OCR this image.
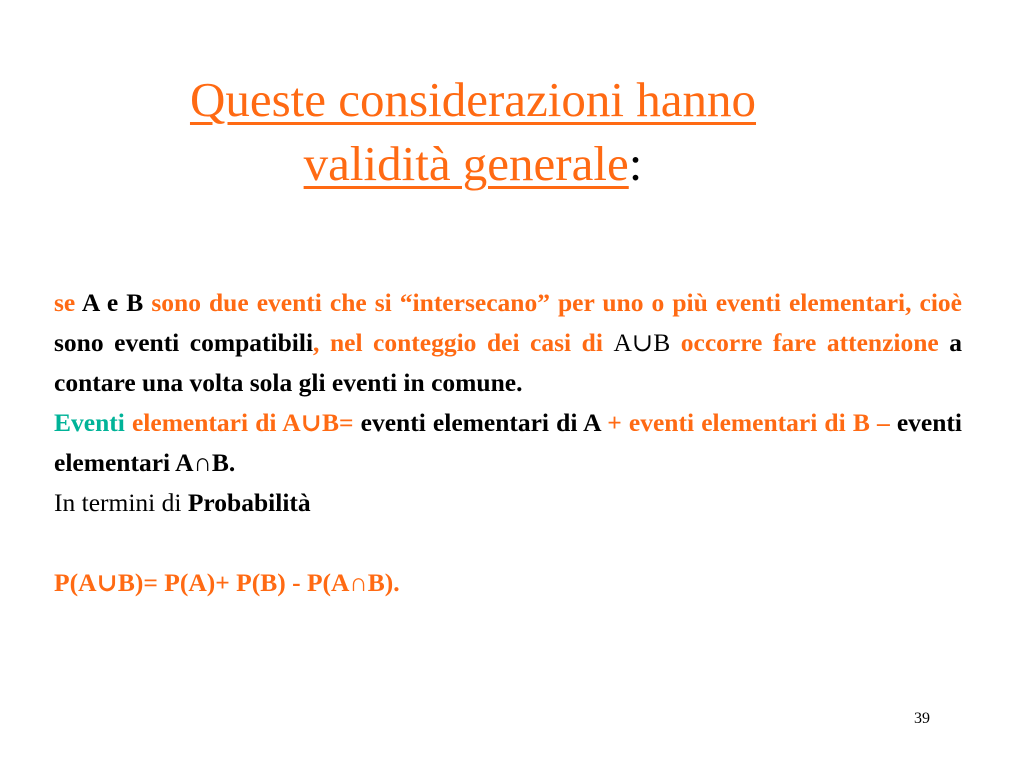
Queste considerazioni hanno
validità generale:

se A e B sono due eventi che si “intersecano” per uno o più eventi elementari, cioè sono eventi compatibili, nel conteggio dei casi di A∪B occorre fare attenzione a contare una volta sola gli eventi in comune.

Eventi elementari di A∪B= eventi elementari di A + eventi elementari di B – eventi elementari A∩B.

In termini di Probabilità

P(A∪B)= P(A)+ P(B) - P(A∩B).

39
